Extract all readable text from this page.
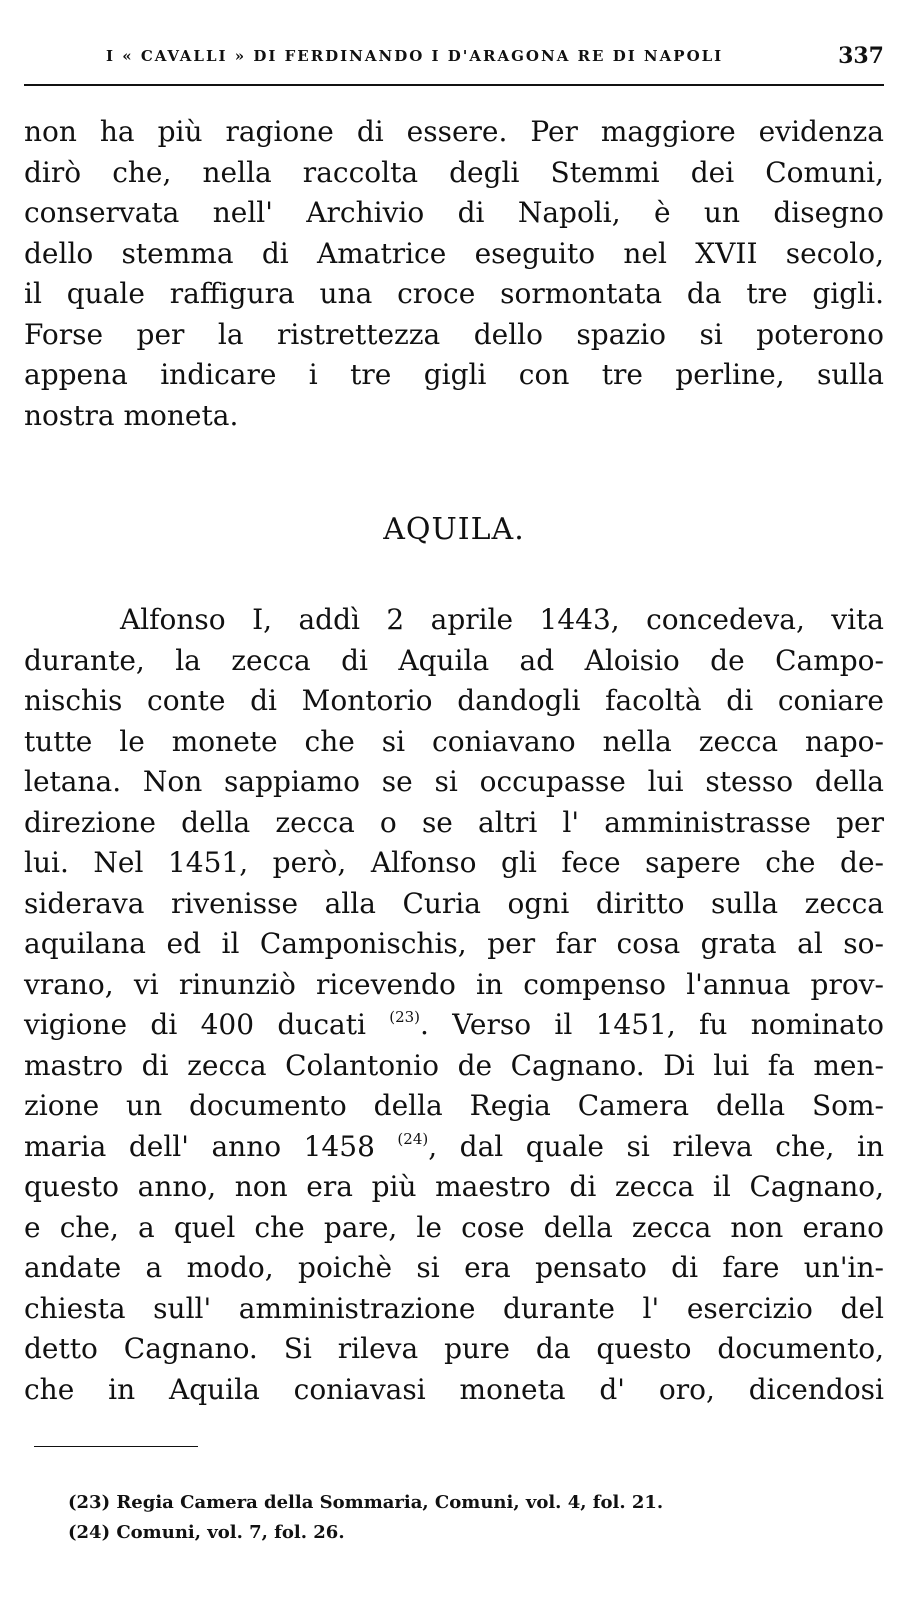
I « CAVALLI » DI FERDINANDO I D'ARAGONA RE DI NAPOLI	337
non ha più ragione di essere. Per maggiore evidenza
dirò che, nella raccolta degli Stemmi dei Comuni,
conservata nell' Archivio di Napoli, è un disegno
dello stemma di Amatrice eseguito nel XVII secolo,
il quale raffigura una croce sormontata da tre gigli.
Forse per la ristrettezza dello spazio si poterono
appena indicare i tre gigli con tre perline, sulla
nostra moneta.
AQUILA.
Alfonso I, addì 2 aprile 1443, concedeva, vita
durante, la zecca di Aquila ad Aloisio de Campo-
nischis conte di Montorio dandogli facoltà di coniare
tutte le monete che si coniavano nella zecca napo-
letana. Non sappiamo se si occupasse lui stesso della
direzione della zecca o se altri l' amministrasse per
lui. Nel 1451, però, Alfonso gli fece sapere che de-
siderava rivenisse alla Curia ogni diritto sulla zecca
aquilana ed il Camponischis, per far cosa grata al so-
vrano, vi rinunziò ricevendo in compenso l'annua prov-
vigione di 400 ducati $^{(23)}$. Verso il 1451, fu nominato
mastro di zecca Colantonio de Cagnano. Di lui fa men-
zione un documento della Regia Camera della Som-
maria dell' anno 1458 $^{(24)}$, dal quale si rileva che, in
questo anno, non era più maestro di zecca il Cagnano,
e che, a quel che pare, le cose della zecca non erano
andate a modo, poichè si era pensato di fare un'in-
chiesta sull' amministrazione durante l' esercizio del
detto Cagnano. Si rileva pure da questo documento,
che in Aquila coniavasi moneta d' oro, dicendosi
(23) Regia Camera della Sommaria, Comuni, vol. 4, fol. 21.
(24) Comuni, vol. 7, fol. 26.
